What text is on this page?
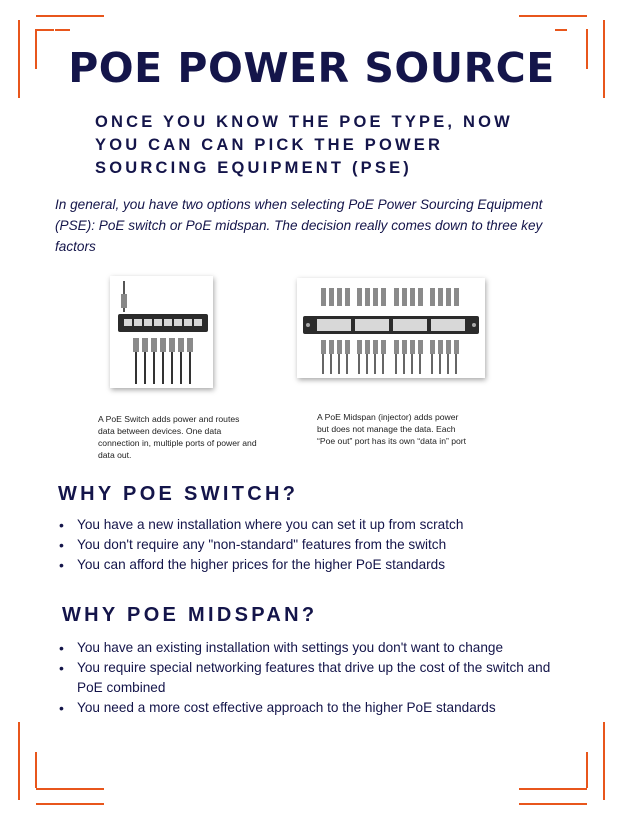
POE POWER SOURCE
ONCE YOU KNOW THE POE TYPE, NOW YOU CAN CAN PICK THE POWER SOURCING EQUIPMENT (PSE)
In general, you have two options when selecting PoE Power Sourcing Equipment (PSE): PoE switch or PoE midspan. The decision really comes down to three key factors
A PoE Switch adds power and routes data between devices. One data connection in, multiple ports of power and data out.
A PoE Midspan (injector) adds power but does not manage the data. Each “Poe out” port has its own “data in” port
WHY POE SWITCH?
• You have a new installation where you can set it up from scratch
• You don't require any "non-standard" features from the switch
• You can afford the higher prices for the higher PoE standards
WHY POE MIDSPAN?
• You have an existing installation with settings you don't want to change
• You require special networking features that drive up the cost of the switch and PoE combined
• You need a more cost effective approach to the higher PoE standards
